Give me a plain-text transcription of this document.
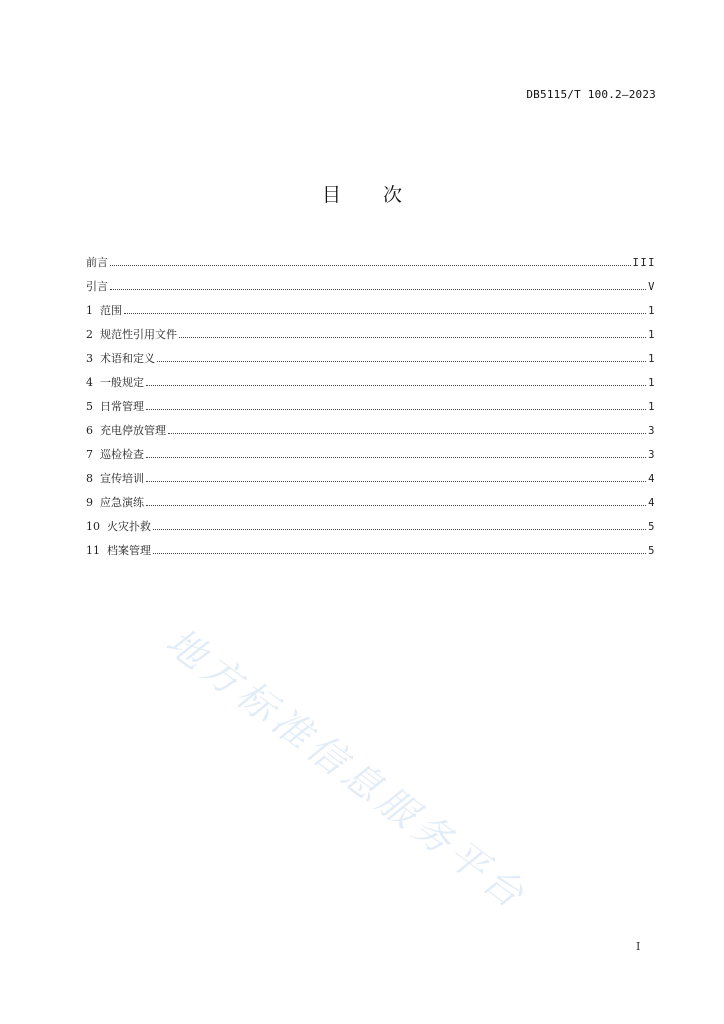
DB5115/T 100.2—2023
目 次
前言	III
引言	V
1 范围	1
2 规范性引用文件	1
3 术语和定义	1
4 一般规定	1
5 日常管理	1
6 充电停放管理	3
7 巡检检查	3
8 宣传培训	4
9 应急演练	4
10 火灾扑救	5
11 档案管理	5
地方标准信息服务平台
I
